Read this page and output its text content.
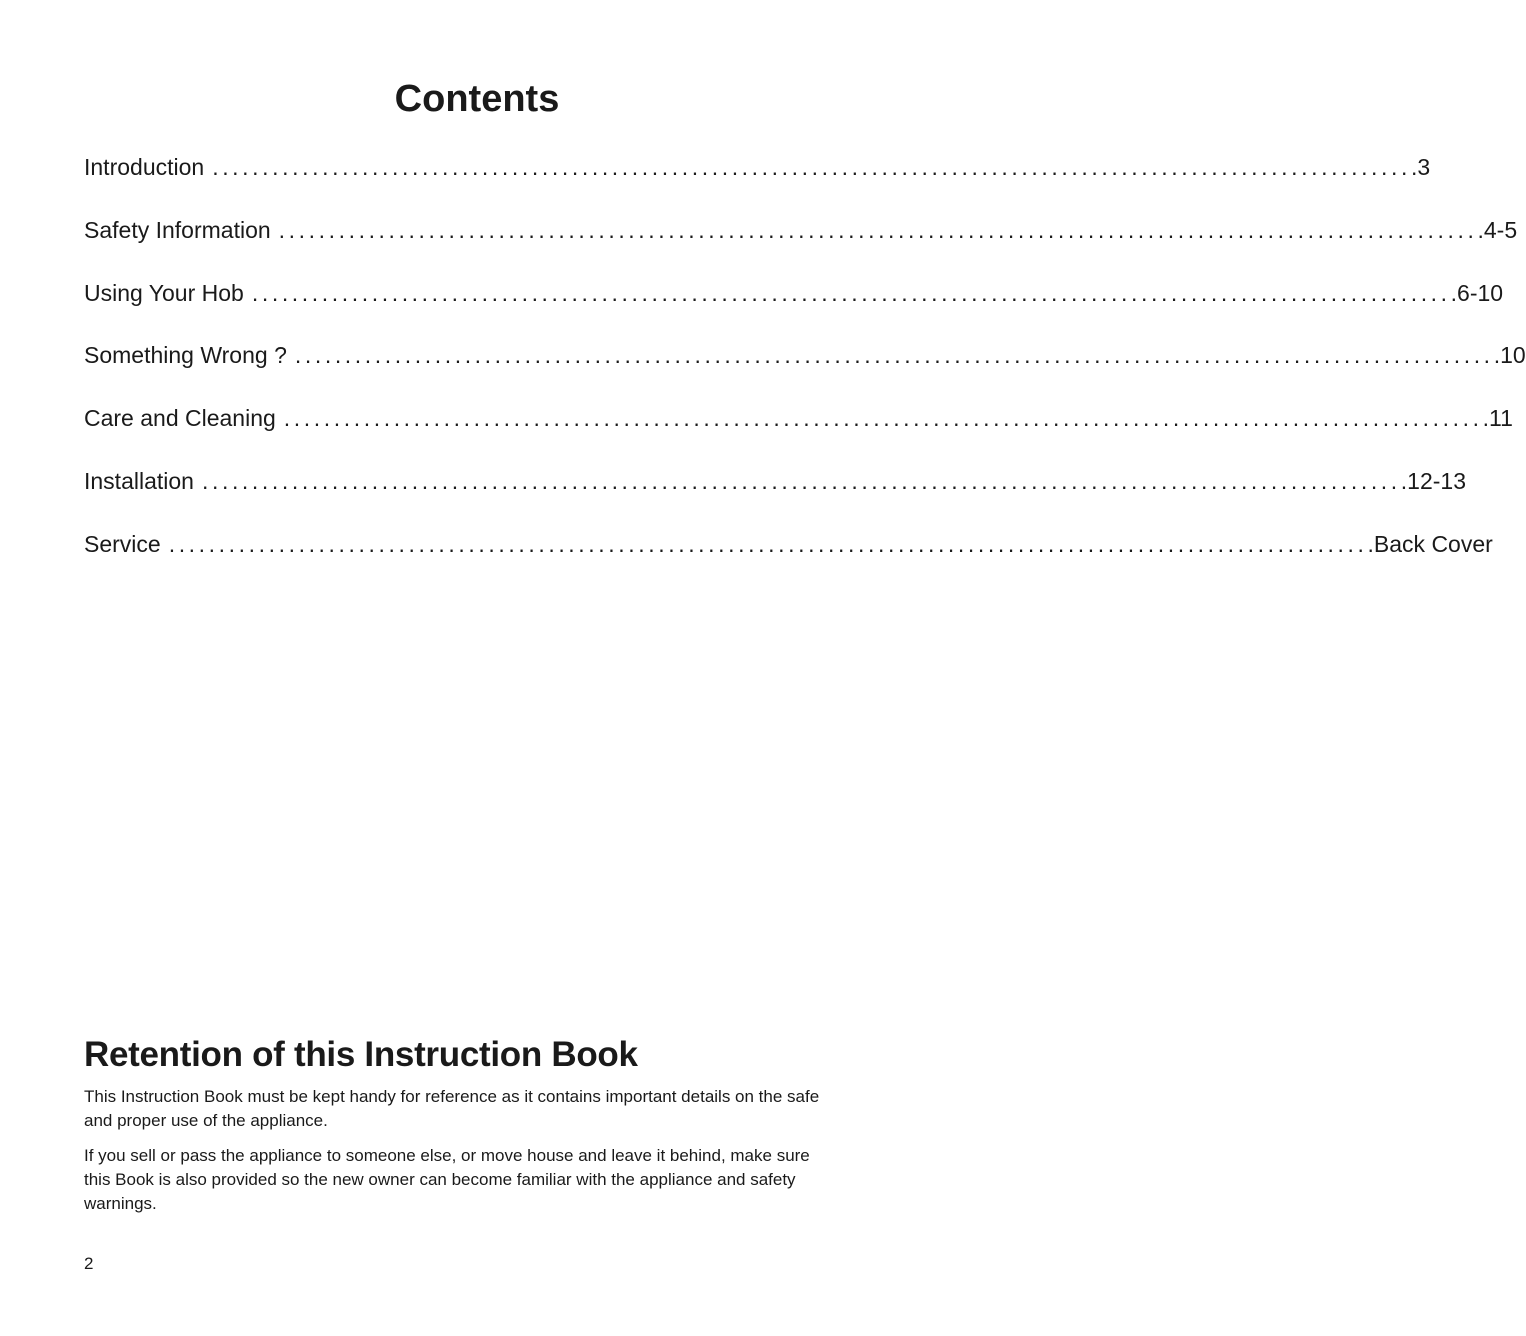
Contents
Introduction ........................................................................................................................ .3
Safety Information ........................................................................................................................ .4-5
Using Your Hob ........................................................................................................................ .6-10
Something Wrong ? ........................................................................................................................ .10
Care and Cleaning ........................................................................................................................ .11
Installation ........................................................................................................................ .12-13
Service ........................................................................................................................ .Back Cover
Retention of this Instruction Book

This Instruction Book must be kept handy for reference as it contains important details on the safe and proper use of the appliance.

If you sell or pass the appliance to someone else, or move house and leave it behind, make sure this Book is also provided so the new owner can become familiar with the appliance and safety warnings.

2
